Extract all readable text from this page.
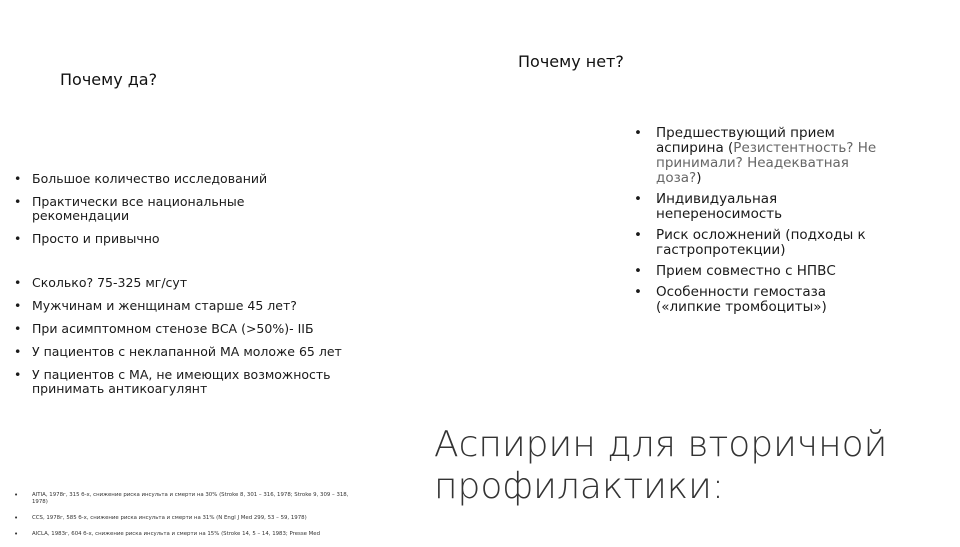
Почему да?
Почему нет?
• Большое количество исследований
• Практически все национальные рекомендации
• Просто и привычно
• Сколько? 75-325 мг/сут
• Мужчинам и женщинам старше 45 лет?
• При асимптомном стенозе ВСА (>50%)- IIБ
• У пациентов с неклапанной МА моложе 65 лет
• У пациентов с МА, не имеющих возможность принимать антикоагулянт
• Предшествующий прием аспирина (Резистентность? Не принимали? Неадекватная доза?)
• Индивидуальная непереносимость
• Риск осложнений (подходы к гастропротекции)
• Прием совместно с НПВС
• Особенности гемостаза («липкие тромбоциты»)
•	AITIA, 1978г, 315 б-х, снижение риска инсульта и смерти на 30% (Stroke 8, 301 – 316, 1978; Stroke 9, 309 – 318, 1978)
•	CCS, 1978г, 585 б-х, снижение риска инсульта и смерти на 31% (N Engl J Med 299, 53 – 59, 1978)
•	AICLA, 1983г, 604 б-х, снижение риска инсульта и смерти на 15% (Stroke 14, 5 – 14, 1983; Presse Med
Аспирин для вторичной профилактики:
